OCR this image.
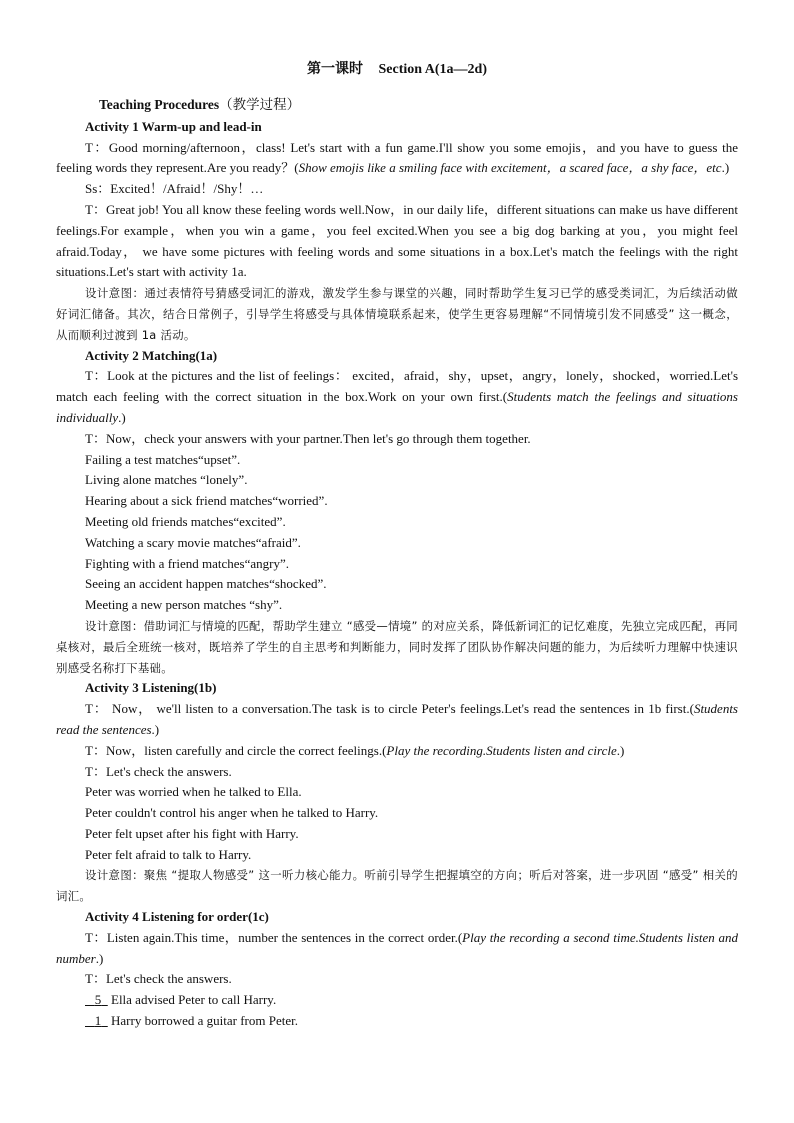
第一课时 Section A(1a—2d)

Teaching Procedures（教学过程）

Activity 1 Warm-up and lead-in

T：Good morning/afternoon，class! Let's start with a fun game.I'll show you some emojis，and you have to guess the feeling words they represent.Are you ready？(Show emojis like a smiling face with excitement，a scared face，a shy face，etc.)

Ss：Excited！/Afraid！/Shy！…

T：Great job! You all know these feeling words well.Now，in our daily life，different situations can make us have different feelings.For example，when you win a game，you feel excited.When you see a big dog barking at you，you might feel afraid.Today， we have some pictures with feeling words and some situations in a box.Let's match the feelings with the right situations.Let's start with activity 1a.

设计意图：通过表情符号猜感受词汇的游戏，激发学生参与课堂的兴趣，同时帮助学生复习已学的感受类词汇，为后续活动做好词汇储备。其次，结合日常例子，引导学生将感受与具体情境联系起来，使学生更容易理解“不同情境引发不同感受” 这一概念，从而顺利过渡到 1a 活动。

Activity 2 Matching(1a)

T：Look at the pictures and the list of feelings： excited，afraid，shy，upset，angry，lonely，shocked，worried.Let's match each feeling with the correct situation in the box.Work on your own first.(Students match the feelings and situations individually.)

T：Now，check your answers with your partner.Then let's go through them together.

Failing a test matches“upset”.

Living alone matches “lonely”.

Hearing about a sick friend matches“worried”.

Meeting old friends matches“excited”.

Watching a scary movie matches“afraid”.

Fighting with a friend matches“angry”.

Seeing an accident happen matches“shocked”.

Meeting a new person matches “shy”.

设计意图：借助词汇与情境的匹配，帮助学生建立 “感受—情境” 的对应关系，降低新词汇的记忆难度，先独立完成匹配，再同桌核对，最后全班统一核对，既培养了学生的自主思考和判断能力，同时发挥了团队协作解决问题的能力，为后续听力理解中快速识别感受名称打下基础。

Activity 3 Listening(1b)

T： Now， we'll listen to a conversation.The task is to circle Peter's feelings.Let's read the sentences in 1b first.(Students read the sentences.)

T：Now，listen carefully and circle the correct feelings.(Play the recording.Students listen and circle.)

T：Let's check the answers.

Peter was worried when he talked to Ella.

Peter couldn't control his anger when he talked to Harry.

Peter felt upset after his fight with Harry.

Peter felt afraid to talk to Harry.

设计意图：聚焦 “提取人物感受” 这一听力核心能力。听前引导学生把握填空的方向；听后对答案，进一步巩固 “感受” 相关的词汇。

Activity 4 Listening for order(1c)

T：Listen again.This time，number the sentences in the correct order.(Play the recording a second time.Students listen and number.)

T：Let's check the answers.

5 Ella advised Peter to call Harry.

1 Harry borrowed a guitar from Peter.
